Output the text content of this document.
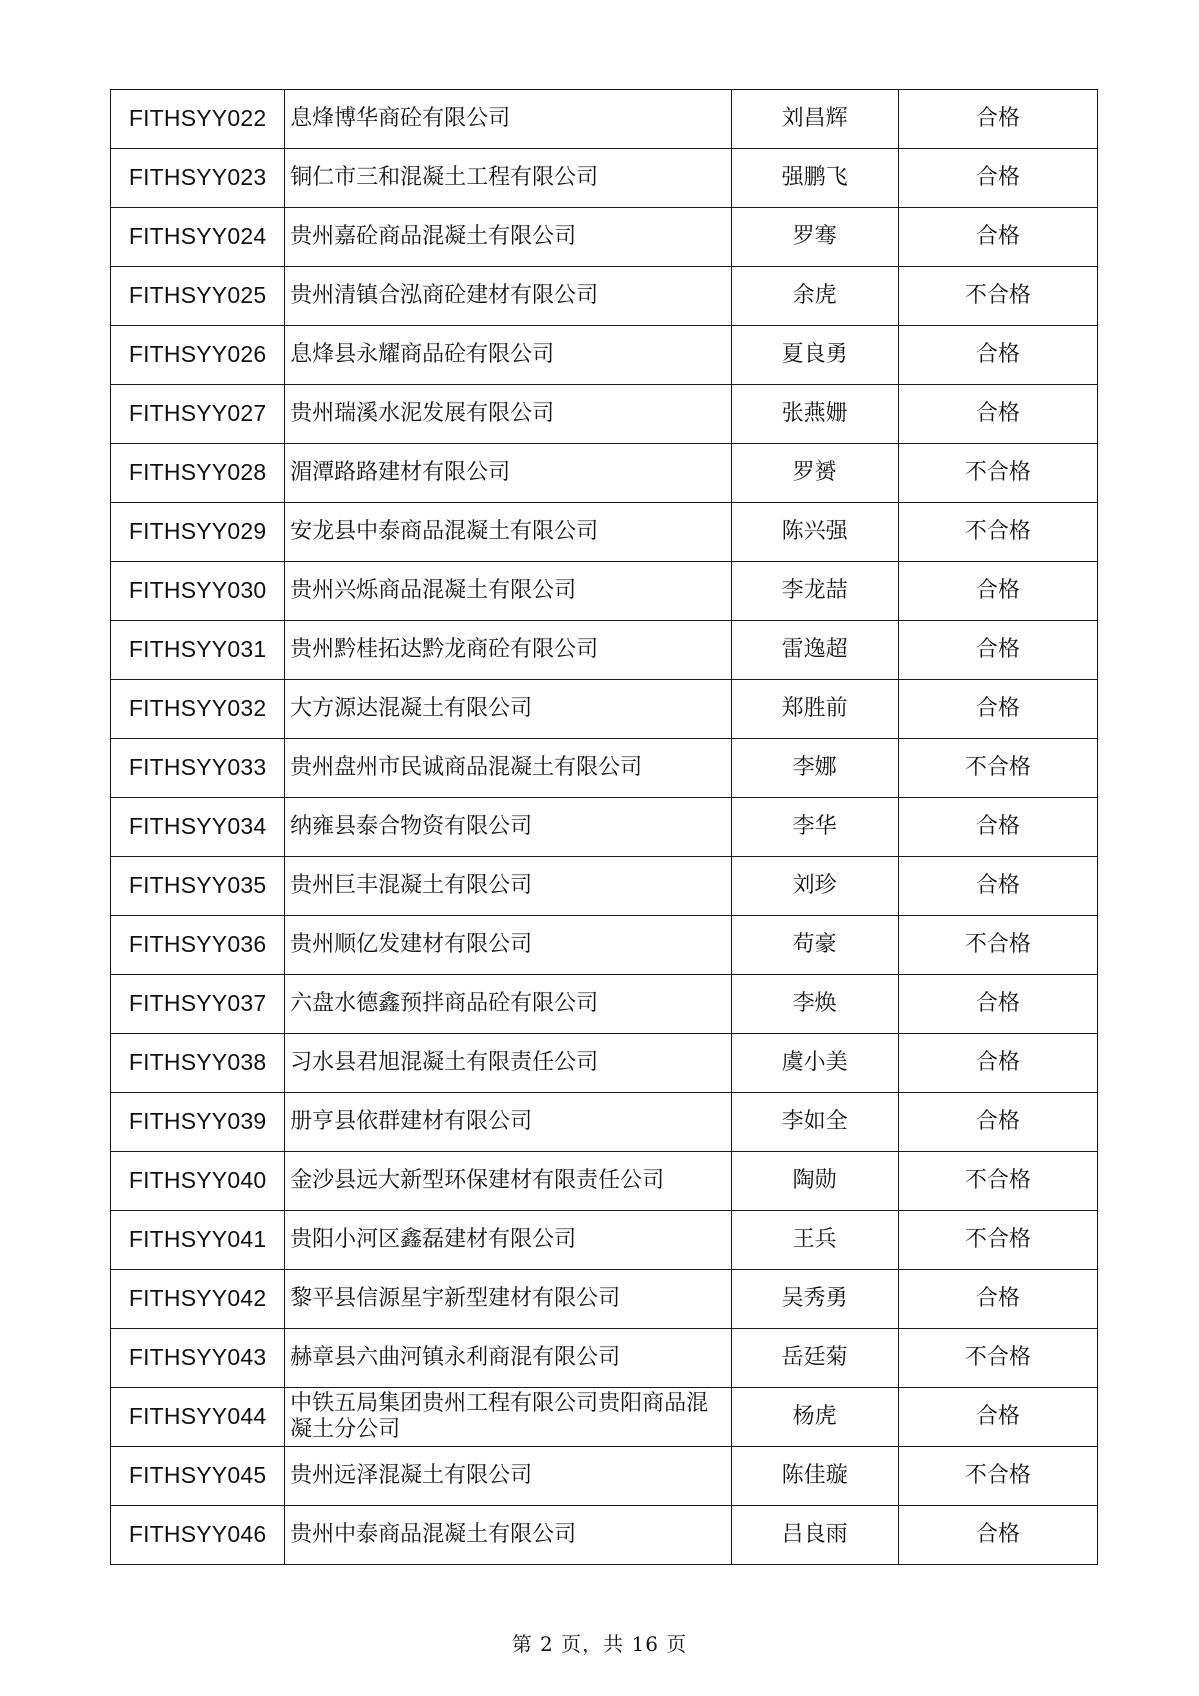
FITHSYY022	息烽博华商砼有限公司	刘昌辉	合格
FITHSYY023	铜仁市三和混凝土工程有限公司	强鹏飞	合格
FITHSYY024	贵州嘉砼商品混凝土有限公司	罗骞	合格
FITHSYY025	贵州清镇合泓商砼建材有限公司	余虎	不合格
FITHSYY026	息烽县永耀商品砼有限公司	夏良勇	合格
FITHSYY027	贵州瑞溪水泥发展有限公司	张燕姗	合格
FITHSYY028	湄潭路路建材有限公司	罗赟	不合格
FITHSYY029	安龙县中泰商品混凝土有限公司	陈兴强	不合格
FITHSYY030	贵州兴烁商品混凝土有限公司	李龙喆	合格
FITHSYY031	贵州黔桂拓达黔龙商砼有限公司	雷逸超	合格
FITHSYY032	大方源达混凝土有限公司	郑胜前	合格
FITHSYY033	贵州盘州市民诚商品混凝土有限公司	李娜	不合格
FITHSYY034	纳雍县泰合物资有限公司	李华	合格
FITHSYY035	贵州巨丰混凝土有限公司	刘珍	合格
FITHSYY036	贵州顺亿发建材有限公司	苟豪	不合格
FITHSYY037	六盘水德鑫预拌商品砼有限公司	李焕	合格
FITHSYY038	习水县君旭混凝土有限责任公司	虞小美	合格
FITHSYY039	册亨县依群建材有限公司	李如全	合格
FITHSYY040	金沙县远大新型环保建材有限责任公司	陶勋	不合格
FITHSYY041	贵阳小河区鑫磊建材有限公司	王兵	不合格
FITHSYY042	黎平县信源星宇新型建材有限公司	吴秀勇	合格
FITHSYY043	赫章县六曲河镇永利商混有限公司	岳廷菊	不合格
FITHSYY044	中铁五局集团贵州工程有限公司贵阳商品混凝土分公司	杨虎	合格
FITHSYY045	贵州远泽混凝土有限公司	陈佳璇	不合格
FITHSYY046	贵州中泰商品混凝土有限公司	吕良雨	合格
第 2 页，共 16 页
